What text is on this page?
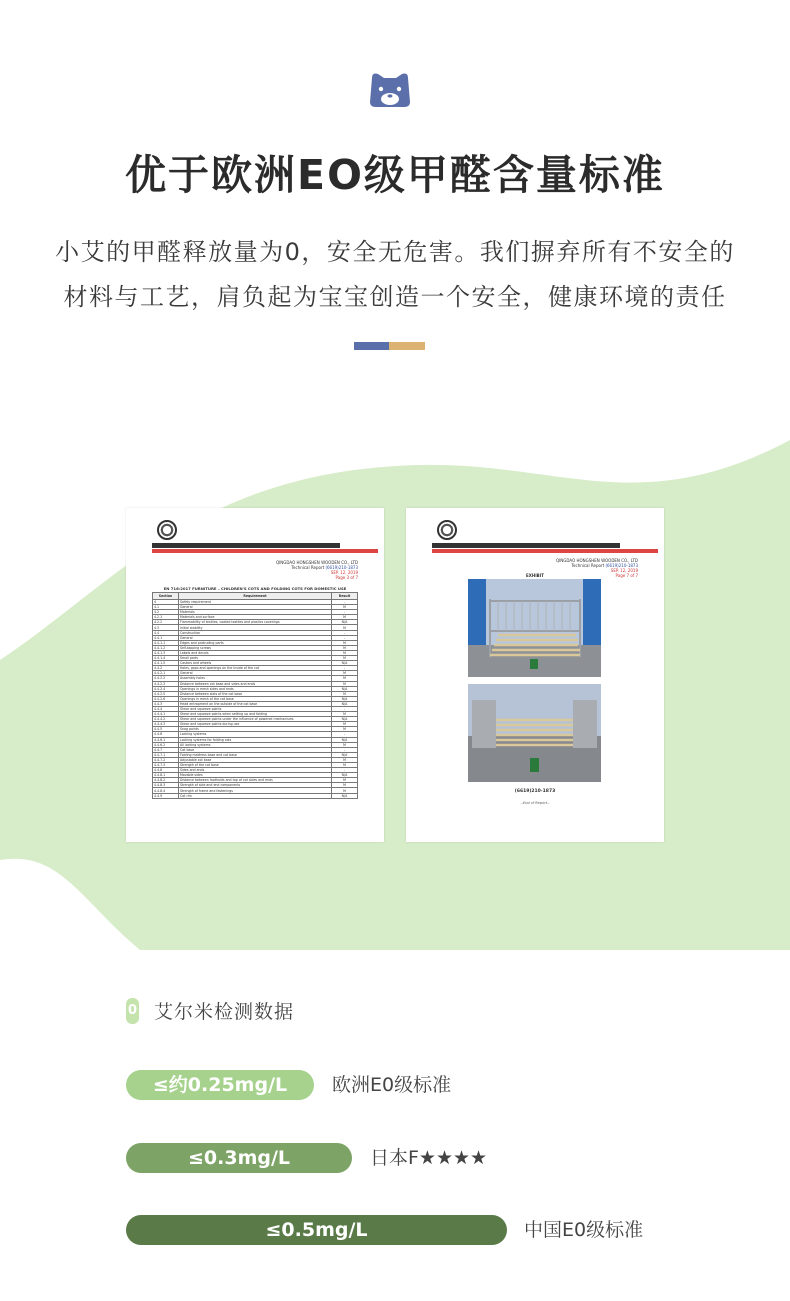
优于欧洲EO级甲醛含量标准
小艾的甲醛释放量为0，安全无危害。我们摒弃所有不安全的
材料与工艺，肩负起为宝宝创造一个安全，健康环境的责任
QINGDAO HONGSHEN WOODEN CO., LTD
Technical Report (6619)210-1873
SEP. 12, 2019
Page 3 of 7
EN 716:2017 FURNITURE – CHILDREN'S COTS AND FOLDING COTS FOR DOMESTIC USE
Section	Requirement	Result
4	Safety requirement	-
4.1	General	M
4.2	Materials	-
4.2.1	Materials and surface	M
4.2.2	Flammability of textiles, coated textiles and plastics coverings	N/A
4.3	Initial stability	M
4.4	Construction	-
4.4.1	General	-
4.4.1.1	Edges and protruding parts	M
4.4.1.2	Self-tapping screws	M
4.4.1.3	Labels and decals	M
4.4.1.4	Small parts	M
4.4.1.5	Castors and wheels	N/A
4.4.2	Holes, gaps and openings on the inside of the cot	-
4.4.2.1	General	M
4.4.2.2	Assembly holes	M
4.4.2.3	Distance between cot base and sides and ends	M
4.4.2.4	Openings in mesh sides and ends	N/A
4.4.2.5	Distance between slats of the cot base	M
4.4.2.6	Openings in mesh of the cot base	N/A
4.4.3	Head entrapment on the outside of the cot base	N/A
4.4.4	Shear and squeeze points	-
4.4.4.1	Shear and squeeze points when setting up and folding	M
4.4.4.2	Shear and squeeze points under the influence of powered mechanisms	N/A
4.4.4.3	Shear and squeeze points during use	M
4.4.5	Snag points	M
4.4.6	Locking systems	-
4.4.6.1	Locking systems for folding cots	N/A
4.4.6.2	All locking systems	M
4.4.7	Cot base	-
4.4.7.1	Folding mattress base and cot base	N/A
4.4.7.2	Adjustable cot base	M
4.4.7.3	Strength of the cot base	M
4.4.8	Sides and ends	-
4.4.8.1	Movable sides	N/A
4.4.8.2	Distance between footholds and top of cot sides and ends	M
4.4.8.3	Strength of side and end components	M
4.4.8.4	Strength of frame and fastenings	M
4.4.9	Cot rim	N/A
QINGDAO HONGSHEN WOODEN CO., LTD
Technical Report (6619)210-1873
SEP. 12, 2019
Page 7 of 7
EXHIBIT
(6619)210-1873
--End of Report--
0 艾尔米检测数据
≤约0.25mg/L	欧洲E0级标准
≤0.3mg/L	日本F★★★★
≤0.5mg/L	中国E0级标准
